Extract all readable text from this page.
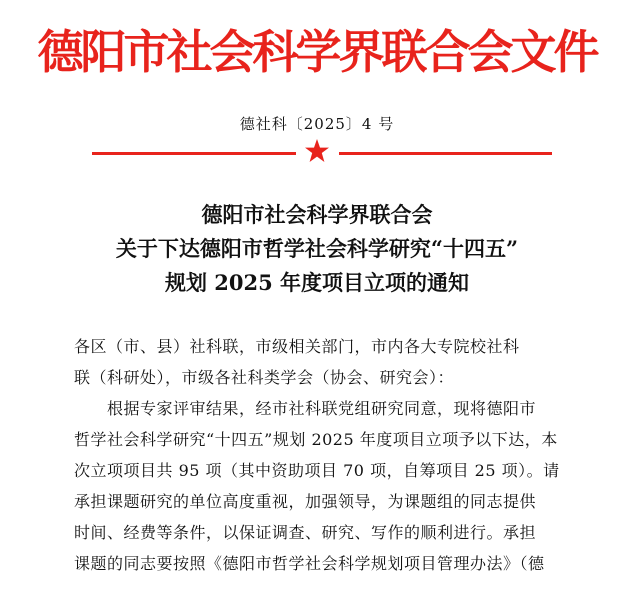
德阳市社会科学界联合会文件
德社科〔2025〕4 号
德阳市社会科学界联合会
关于下达德阳市哲学社会科学研究“十四五”
规划 2025 年度项目立项的通知
各区（市、县）社科联，市级相关部门，市内各大专院校社科
联（科研处），市级各社科类学会（协会、研究会）：
　　根据专家评审结果，经市社科联党组研究同意，现将德阳市
哲学社会科学研究“十四五”规划 2025 年度项目立项予以下达，本
次立项项目共 95 项（其中资助项目 70 项，自筹项目 25 项）。请
承担课题研究的单位高度重视，加强领导，为课题组的同志提供
时间、经费等条件，以保证调查、研究、写作的顺利进行。承担
课题的同志要按照《德阳市哲学社会科学规划项目管理办法》（德
